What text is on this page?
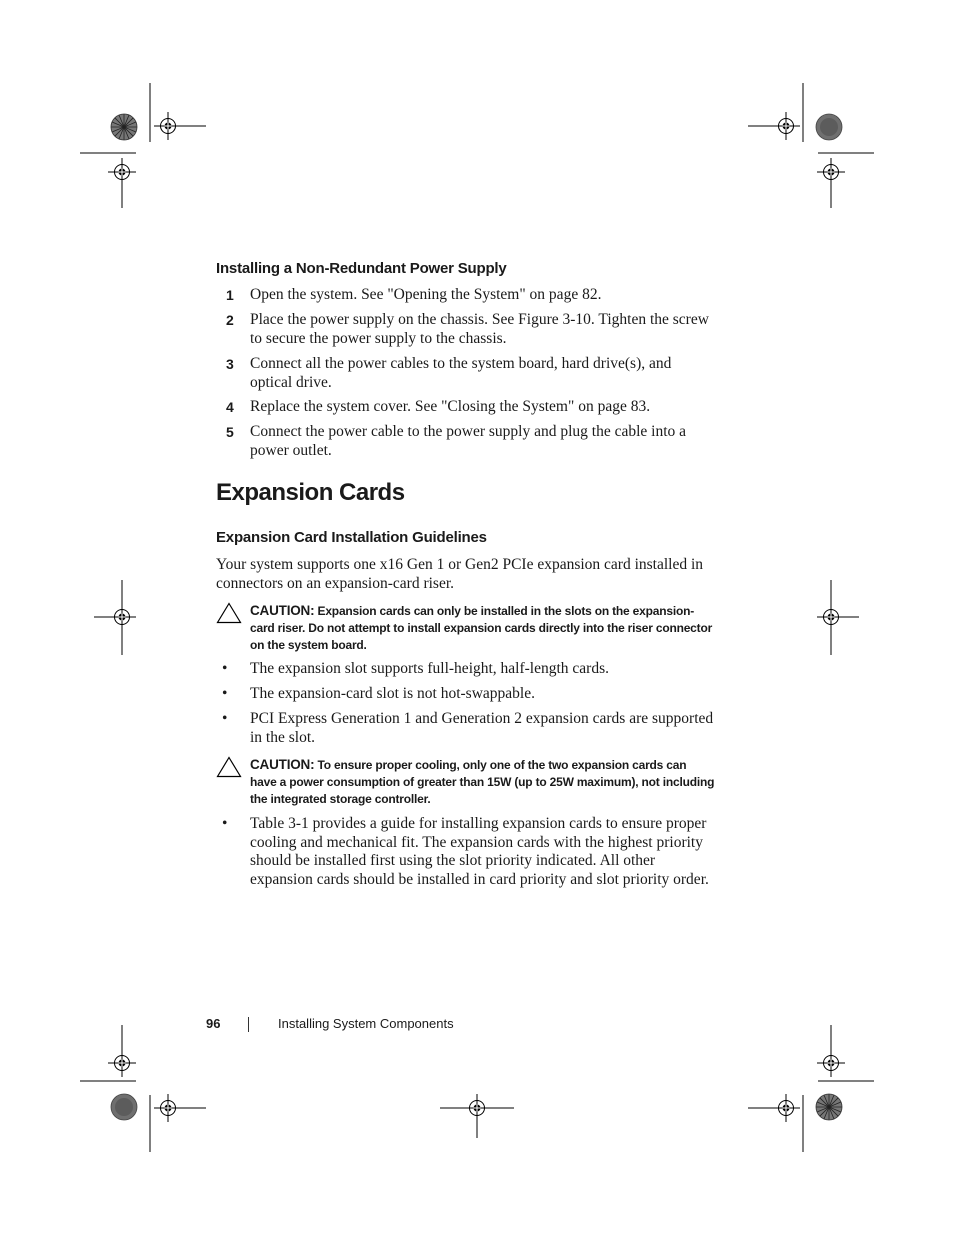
Installing a Non-Redundant Power Supply
1 Open the system. See "Opening the System" on page 82.
2 Place the power supply on the chassis. See Figure 3-10. Tighten the screw to secure the power supply to the chassis.
3 Connect all the power cables to the system board, hard drive(s), and optical drive.
4 Replace the system cover. See "Closing the System" on page 83.
5 Connect the power cable to the power supply and plug the cable into a power outlet.
Expansion Cards
Expansion Card Installation Guidelines
Your system supports one x16 Gen 1 or Gen2 PCIe expansion card installed in connectors on an expansion-card riser.
CAUTION: Expansion cards can only be installed in the slots on the expansion-card riser. Do not attempt to install expansion cards directly into the riser connector on the system board.
• The expansion slot supports full-height, half-length cards.
• The expansion-card slot is not hot-swappable.
• PCI Express Generation 1 and Generation 2 expansion cards are supported in the slot.
CAUTION: To ensure proper cooling, only one of the two expansion cards can have a power consumption of greater than 15W (up to 25W maximum), not including the integrated storage controller.
• Table 3-1 provides a guide for installing expansion cards to ensure proper cooling and mechanical fit. The expansion cards with the highest priority should be installed first using the slot priority indicated. All other expansion cards should be installed in card priority and slot priority order.
96	Installing System Components
